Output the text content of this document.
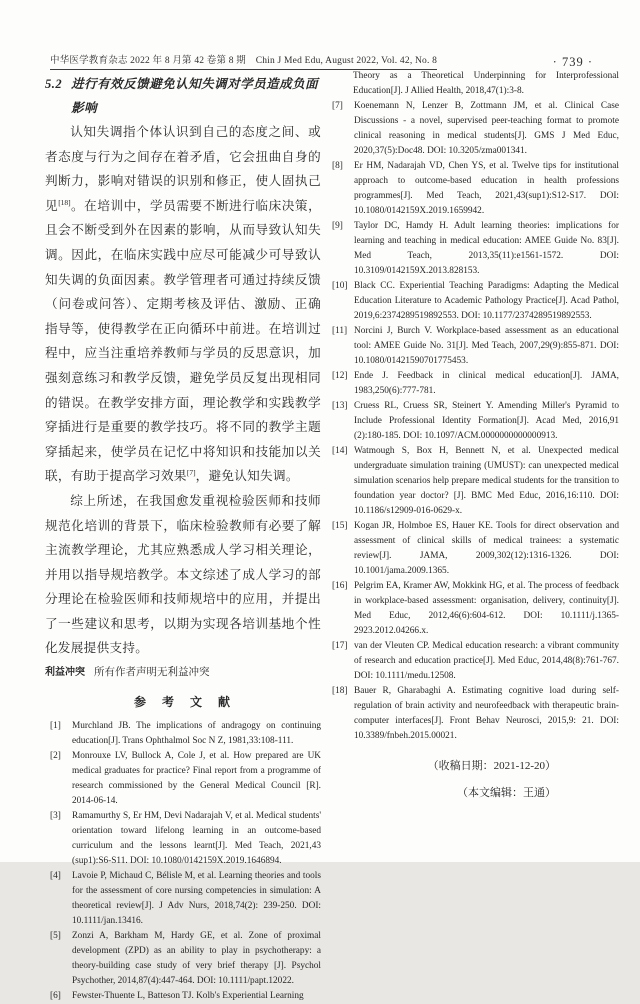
中华医学教育杂志 2022 年 8 月第 42 卷第 8 期　Chin J Med Edu, August 2022, Vol. 42, No. 8	· 739 ·
5.2 进行有效反馈避免认知失调对学员造成负面影响

认知失调指个体认识到自己的态度之间、或者态度与行为之间存在着矛盾，它会扭曲自身的判断力，影响对错误的识别和修正，使人固执己见[18]。在培训中，学员需要不断进行临床决策，且会不断受到外在因素的影响，从而导致认知失调。因此，在临床实践中应尽可能减少可导致认知失调的负面因素。教学管理者可通过持续反馈（问卷或问答）、定期考核及评估、激励、正确指导等，使得教学在正向循环中前进。在培训过程中，应当注重培养教师与学员的反思意识，加强刻意练习和教学反馈，避免学员反复出现相同的错误。在教学安排方面，理论教学和实践教学穿插进行是重要的教学技巧。将不同的教学主题穿插起来，使学员在记忆中将知识和技能加以关联，有助于提高学习效果[7]，避免认知失调。

综上所述，在我国愈发重视检验医师和技师规范化培训的背景下，临床检验教师有必要了解主流教学理论，尤其应熟悉成人学习相关理论，并用以指导规培教学。本文综述了成人学习的部分理论在检验医师和技师规培中的应用，并提出了一些建议和思考，以期为实现各培训基地个性化发展提供支持。

利益冲突 所有作者声明无利益冲突

参　考　文　献
[1]	Murchland JB. The implications of andragogy on continuing education[J]. Trans Ophthalmol Soc N Z, 1981,33:108-111.
[2]	Monrouxe LV, Bullock A, Cole J, et al. How prepared are UK medical graduates for practice? Final report from a programme of research commissioned by the General Medical Council [R]. 2014-06-14.
[3]	Ramamurthy S, Er HM, Devi Nadarajah V, et al. Medical students' orientation toward lifelong learning in an outcome-based curriculum and the lessons learnt[J]. Med Teach, 2021,43 (sup1):S6-S11. DOI: 10.1080/0142159X.2019.1646894.
[4]	Lavoie P, Michaud C, Bélisle M, et al. Learning theories and tools for the assessment of core nursing competencies in simulation: A theoretical review[J]. J Adv Nurs, 2018,74(2): 239-250. DOI: 10.1111/jan.13416.
[5]	Zonzi A, Barkham M, Hardy GE, et al. Zone of proximal development (ZPD) as an ability to play in psychotherapy: a theory-building case study of very brief therapy [J]. Psychol Psychother, 2014,87(4):447-464. DOI: 10.1111/papt.12022.
[6]	Fewster-Thuente L, Batteson TJ. Kolb's Experiential Learning

Theory as a Theoretical Underpinning for Interprofessional Education[J]. J Allied Health, 2018,47(1):3-8.

[7]	Koenemann N, Lenzer B, Zottmann JM, et al. Clinical Case Discussions - a novel, supervised peer-teaching format to promote clinical reasoning in medical students[J]. GMS J Med Educ, 2020,37(5):Doc48. DOI: 10.3205/zma001341.
[8]	Er HM, Nadarajah VD, Chen YS, et al. Twelve tips for institutional approach to outcome-based education in health professions programmes[J]. Med Teach, 2021,43(sup1):S12-S17. DOI: 10.1080/0142159X.2019.1659942.
[9]	Taylor DC, Hamdy H. Adult learning theories: implications for learning and teaching in medical education: AMEE Guide No. 83[J]. Med Teach, 2013,35(11):e1561-1572. DOI: 10.3109/0142159X.2013.828153.
[10] Black CC. Experiential Teaching Paradigms: Adapting the Medical Education Literature to Academic Pathology Practice[J]. Acad Pathol, 2019,6:2374289519892553. DOI: 10.1177/2374289519892553.
[11] Norcini J, Burch V. Workplace-based assessment as an educational tool: AMEE Guide No. 31[J]. Med Teach, 2007,29(9):855-871. DOI: 10.1080/01421590701775453.
[12] Ende J. Feedback in clinical medical education[J]. JAMA, 1983,250(6):777-781.
[13] Cruess RL, Cruess SR, Steinert Y. Amending Miller's Pyramid to Include Professional Identity Formation[J]. Acad Med, 2016,91 (2):180-185. DOI: 10.1097/ACM.0000000000000913.
[14] Watmough S, Box H, Bennett N, et al. Unexpected medical undergraduate simulation training (UMUST): can unexpected medical simulation scenarios help prepare medical students for the transition to foundation year doctor? [J]. BMC Med Educ, 2016,16:110. DOI: 10.1186/s12909-016-0629-x.
[15] Kogan JR, Holmboe ES, Hauer KE. Tools for direct observation and assessment of clinical skills of medical trainees: a systematic review[J]. JAMA, 2009,302(12):1316-1326. DOI: 10.1001/jama.2009.1365.
[16] Pelgrim EA, Kramer AW, Mokkink HG, et al. The process of feedback in workplace-based assessment: organisation, delivery, continuity[J]. Med Educ, 2012,46(6):604-612. DOI: 10.1111/j.1365-2923.2012.04266.x.
[17] van der Vleuten CP. Medical education research: a vibrant community of research and education practice[J]. Med Educ, 2014,48(8):761-767. DOI: 10.1111/medu.12508.
[18] Bauer R, Gharabaghi A. Estimating cognitive load during self-regulation of brain activity and neurofeedback with therapeutic brain-computer interfaces[J]. Front Behav Neurosci, 2015,9: 21. DOI: 10.3389/fnbeh.2015.00021.

（收稿日期：2021-12-20）

（本文编辑：王通）
